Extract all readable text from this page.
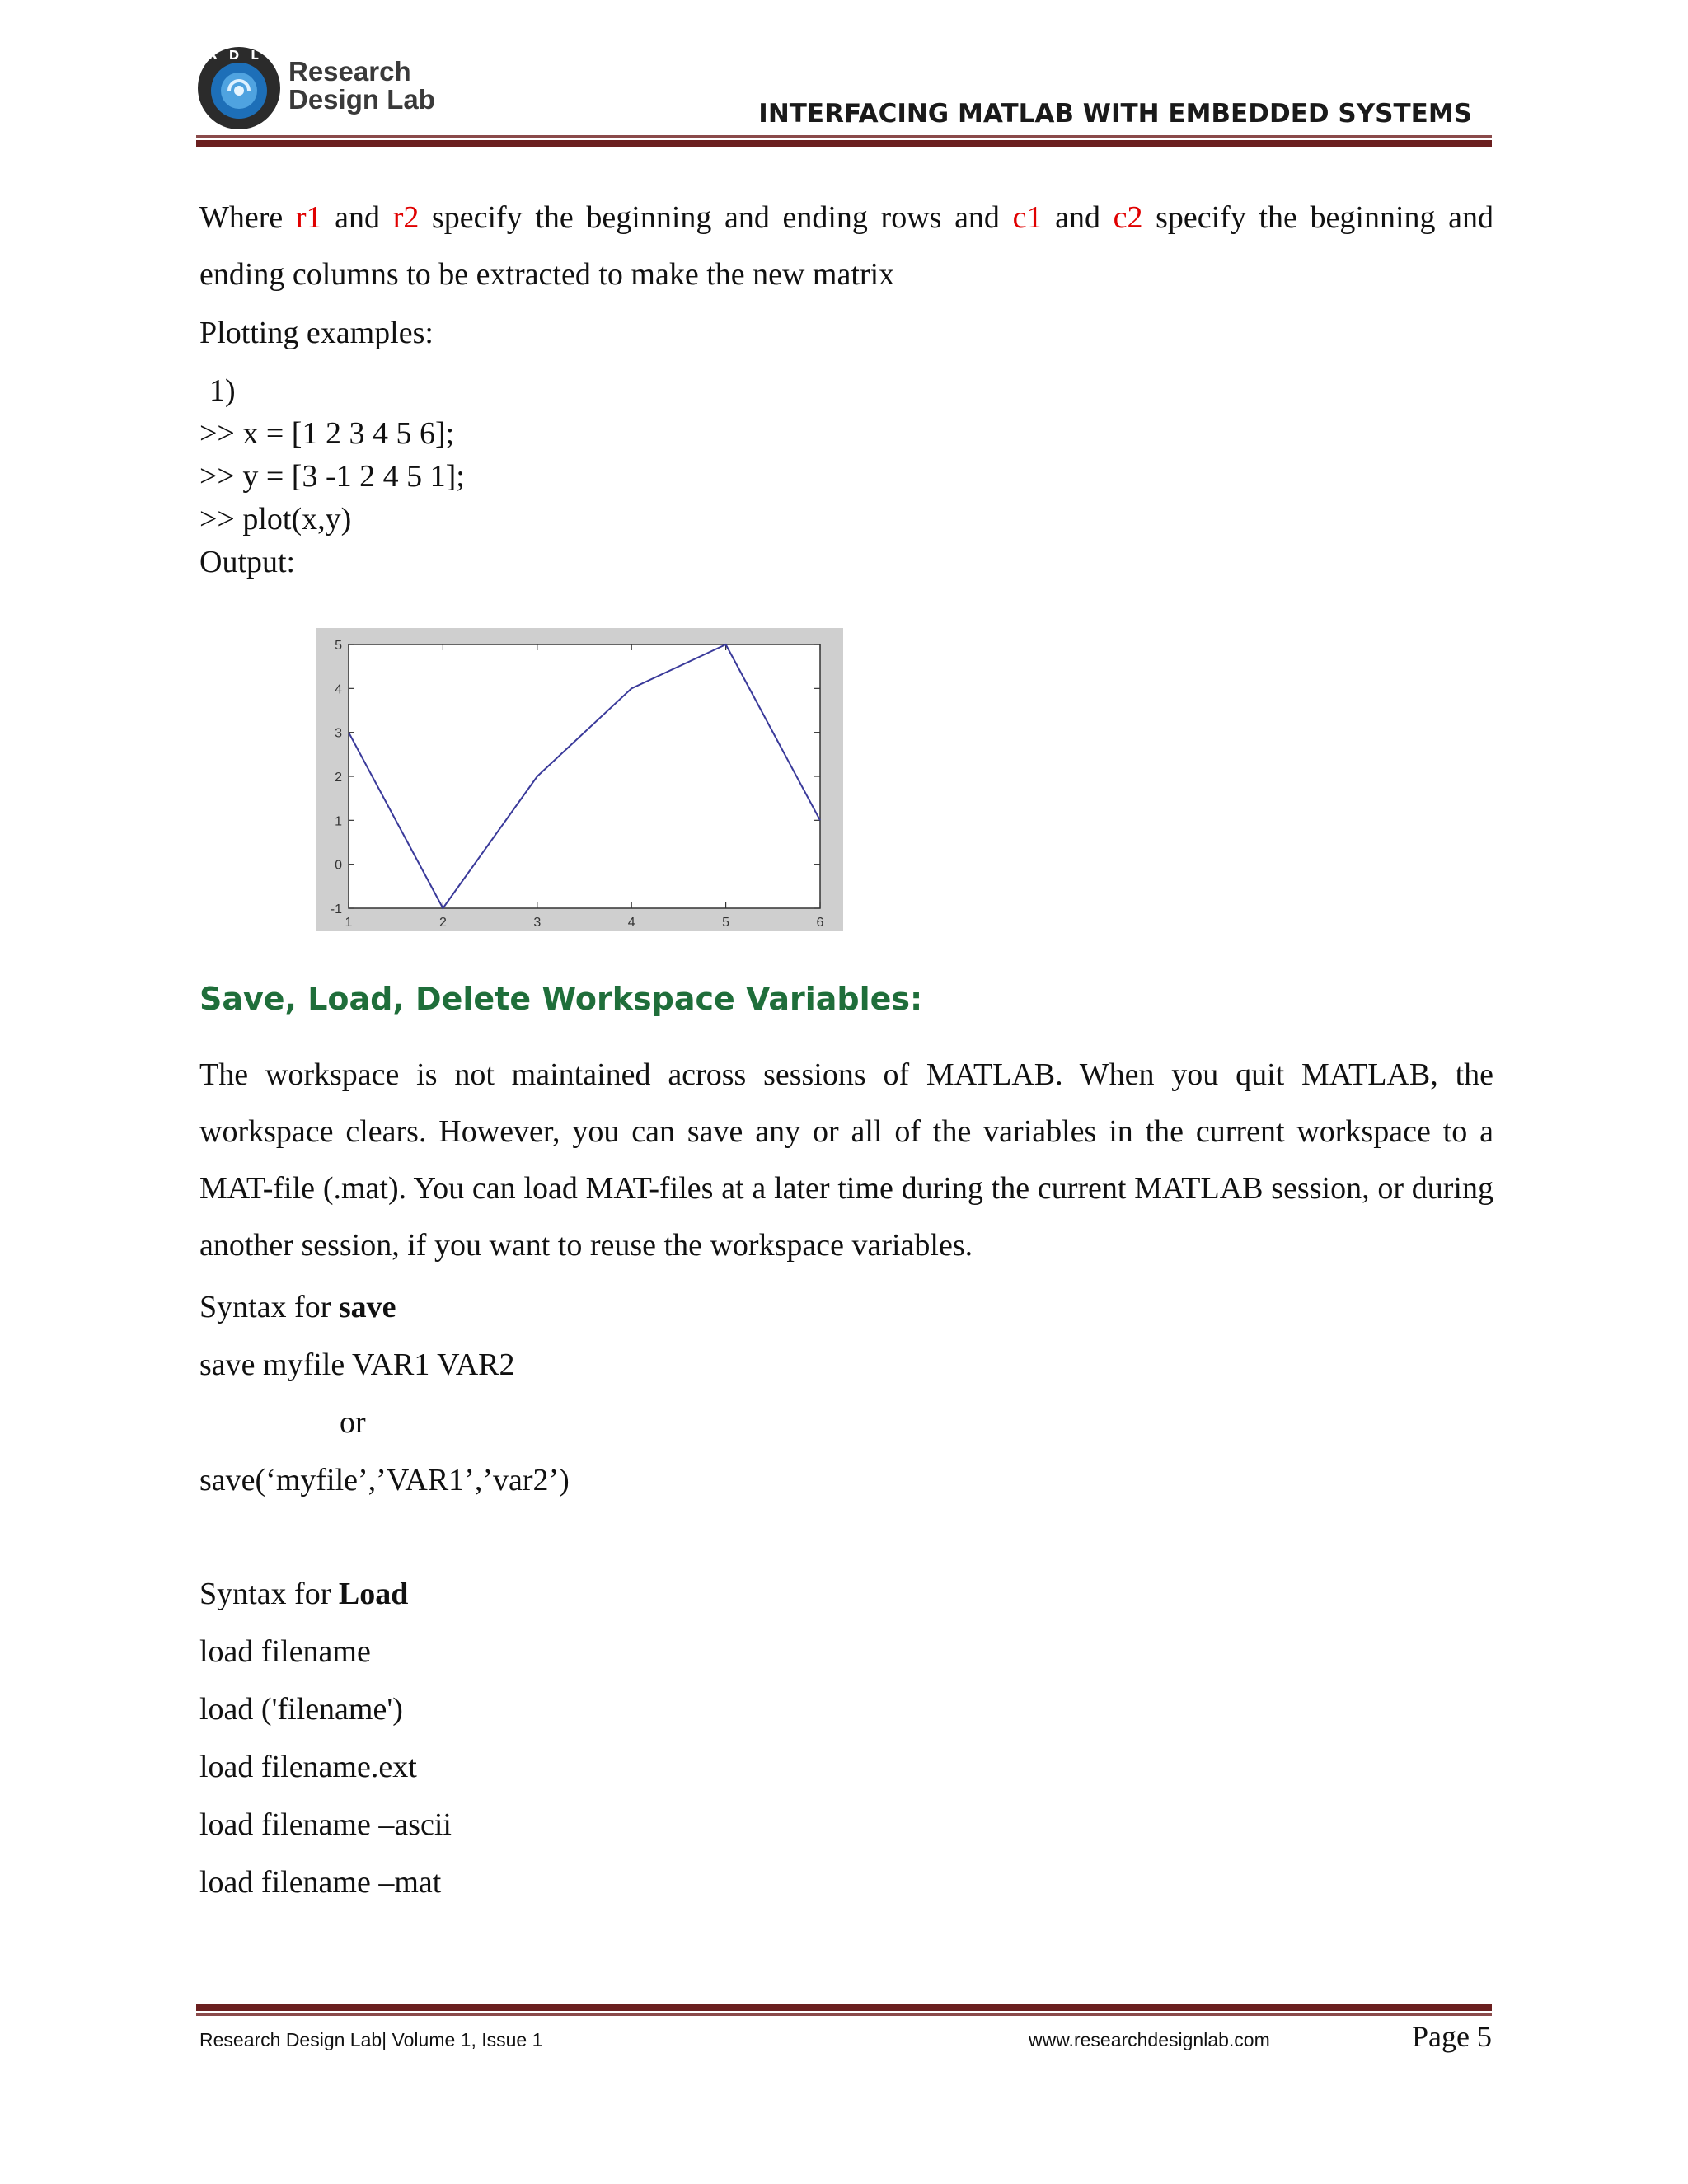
RDL
Research
Design Lab	INTERFACING MATLAB WITH EMBEDDED SYSTEMS
Where r1 and r2 specify the beginning and ending rows and c1 and c2 specify the beginning and ending columns to be extracted to make the new matrix
Plotting examples:
1)
>> x = [1 2 3 4 5 6];
>> y = [3 -1 2 4 5 1];
>> plot(x,y)
Output:
-1
0
1
2
3
4
5
1	2	3	4	5	6
Save, Load, Delete Workspace Variables:
The workspace is not maintained across sessions of MATLAB. When you quit MATLAB, the workspace clears. However, you can save any or all of the variables in the current workspace to a MAT-file (.mat). You can load MAT-files at a later time during the current MATLAB session, or during another session, if you want to reuse the workspace variables.
Syntax for save
save myfile VAR1 VAR2
or
save(‘myfile’,’VAR1’,’var2’)
Syntax for Load
load filename
load ('filename')
load filename.ext
load filename –ascii
load filename –mat
Research Design Lab| Volume 1, Issue 1	www.researchdesignlab.com	Page 5
